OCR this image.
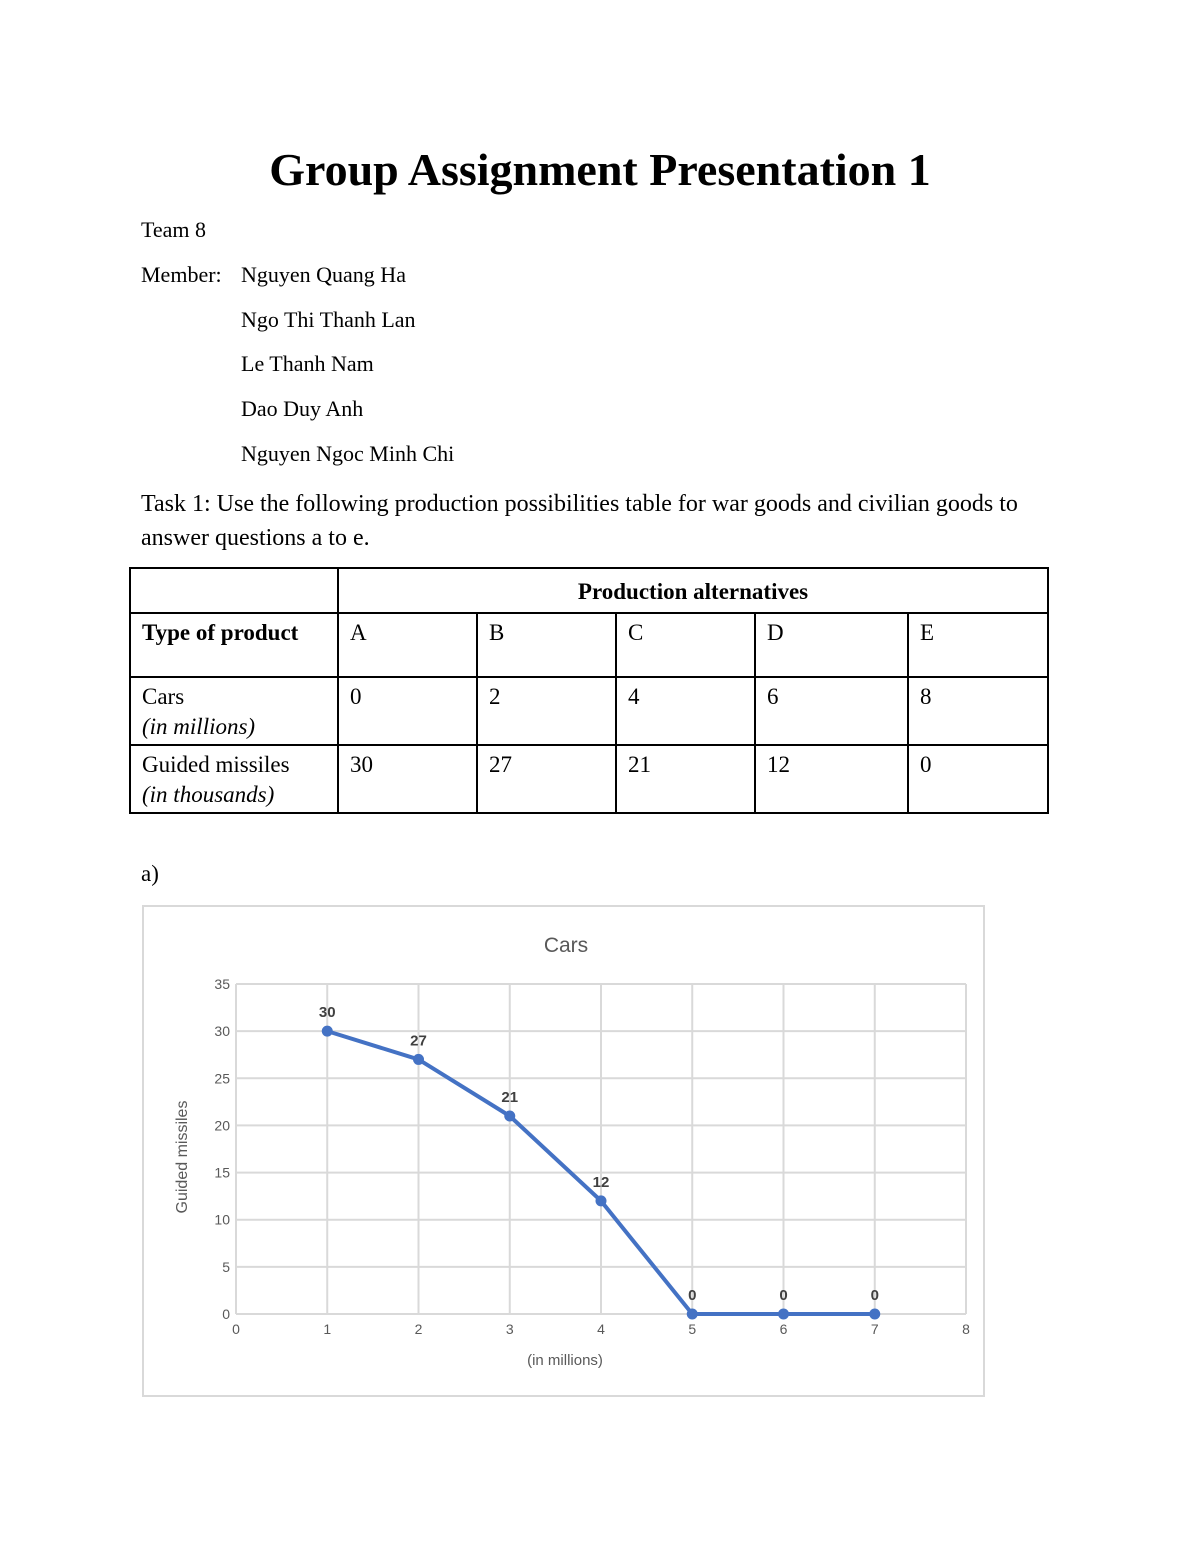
Group Assignment Presentation 1
Team 8
Member: Nguyen Quang Ha
Ngo Thi Thanh Lan
Le Thanh Nam
Dao Duy Anh
Nguyen Ngoc Minh Chi
Task 1: Use the following production possibilities table for war goods and civilian goods to answer questions a to e.
	Production alternatives				
Type of product	A	B	C	D	E
Cars
(in millions)	0	2	4	6	8
Guided missiles
(in thousands)	30	27	21	12	0
a)
Cars
0
5
10
15
20
25
30
35
0	1	2	3	4	5	6	7	8
(in millions)
Guided missiles
30
27
21
12
0	0	0
